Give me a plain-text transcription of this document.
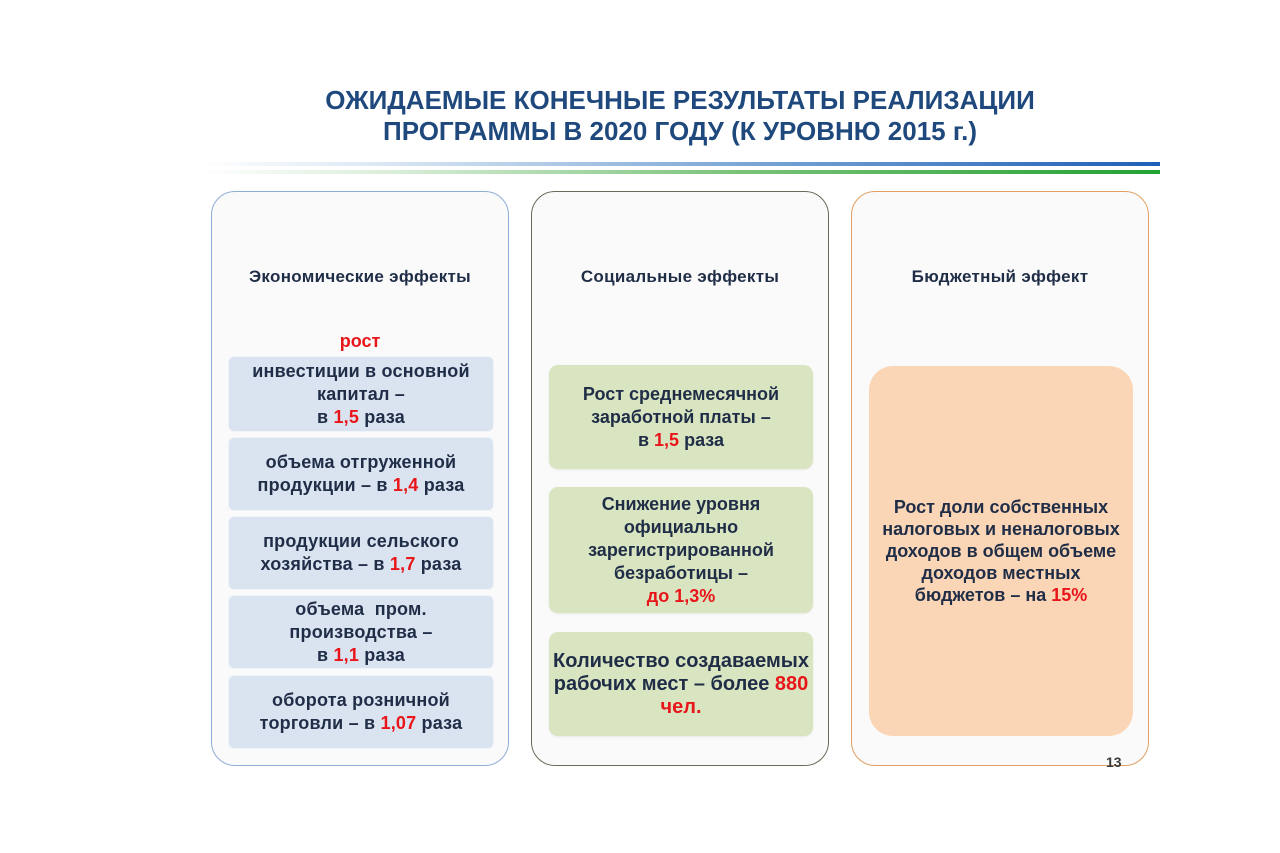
ОЖИДАЕМЫЕ КОНЕЧНЫЕ РЕЗУЛЬТАТЫ РЕАЛИЗАЦИИ
ПРОГРАММЫ В 2020 ГОДУ (К УРОВНЮ 2015 г.)
Экономические эффекты
рост
инвестиции в основной капитал –
в 1,5 раза
объема отгруженной продукции – в 1,4 раза
продукции сельского хозяйства – в 1,7 раза
объема  пром. производства –
в 1,1 раза
оборота розничной торговли – в 1,07 раза
Социальные эффекты
Рост среднемесячной заработной платы –
в 1,5 раза
Снижение уровня официально зарегистрированной безработицы –
до 1,3%
Количество создаваемых рабочих мест – более 880 чел.
Бюджетный эффект
Рост доли собственных налоговых и неналоговых доходов в общем объеме доходов местных бюджетов – на 15%
13
